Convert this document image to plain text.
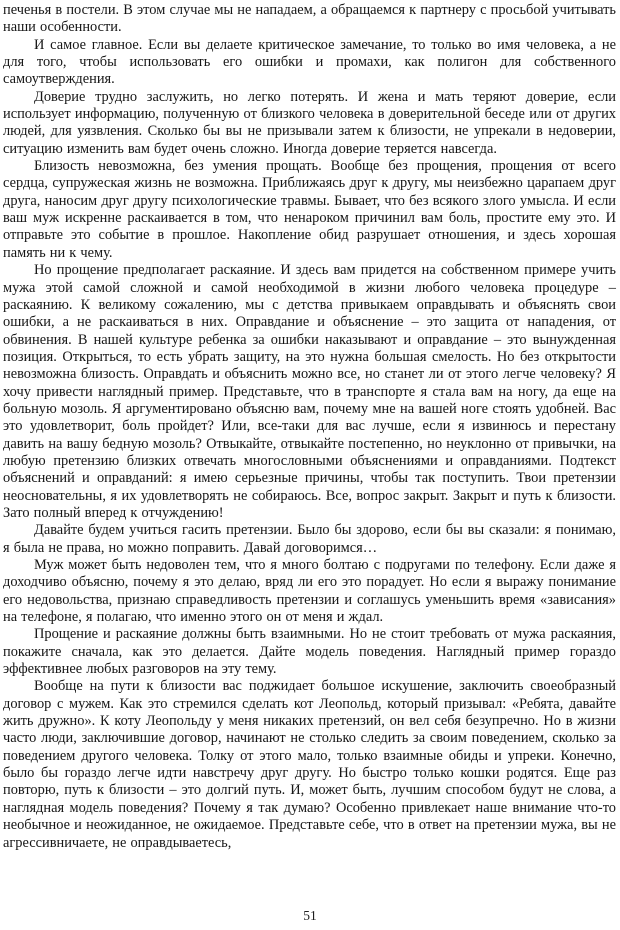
печенья в постели. В этом случае мы не нападаем, а обращаемся к партнеру с просьбой учитывать наши особенности.

И самое главное. Если вы делаете критическое замечание, то только во имя человека, а не для того, чтобы использовать его ошибки и промахи, как полигон для собственного самоутверждения.

Доверие трудно заслужить, но легко потерять. И жена и мать теряют доверие, если использует информацию, полученную от близкого человека в доверительной беседе или от других людей, для уязвления. Сколько бы вы не призывали затем к близости, не упрекали в недоверии, ситуацию изменить вам будет очень сложно. Иногда доверие теряется навсегда.

Близость невозможна, без умения прощать. Вообще без прощения, прощения от всего сердца, супружеская жизнь не возможна. Приближаясь друг к другу, мы неизбежно царапаем друг друга, наносим друг другу психологические травмы. Бывает, что без всякого злого умысла. И если ваш муж искренне раскаивается в том, что ненароком причинил вам боль, простите ему это. И отправьте это событие в прошлое. Накопление обид разрушает отношения, и здесь хорошая память ни к чему.

Но прощение предполагает раскаяние. И здесь вам придется на собственном примере учить мужа этой самой сложной и самой необходимой в жизни любого человека процедуре – раскаянию. К великому сожалению, мы с детства привыкаем оправдывать и объяснять свои ошибки, а не раскаиваться в них. Оправдание и объяснение – это защита от нападения, от обвинения. В нашей культуре ребенка за ошибки наказывают и оправдание – это вынужденная позиция. Открыться, то есть убрать защиту, на это нужна большая смелость. Но без открытости невозможна близость. Оправдать и объяснить можно все, но станет ли от этого легче человеку? Я хочу привести наглядный пример. Представьте, что в транспорте я стала вам на ногу, да еще на больную мозоль. Я аргументировано объясню вам, почему мне на вашей ноге стоять удобней. Вас это удовлетворит, боль пройдет? Или, все-таки для вас лучше, если я извинюсь и перестану давить на вашу бедную мозоль? Отвыкайте, отвыкайте постепенно, но неуклонно от привычки, на любую претензию близких отвечать многословными объяснениями и оправданиями. Подтекст объяснений и оправданий: я имею серьезные причины, чтобы так поступить. Твои претензии неосновательны, я их удовлетворять не собираюсь. Все, вопрос закрыт. Закрыт и путь к близости. Зато полный вперед к отчуждению!

Давайте будем учиться гасить претензии. Было бы здорово, если бы вы сказали: я понимаю, я была не права, но можно поправить. Давай договоримся…

Муж может быть недоволен тем, что я много болтаю с подругами по телефону. Если даже я доходчиво объясню, почему я это делаю, вряд ли его это порадует. Но если я выражу понимание его недовольства, признаю справедливость претензии и соглашусь уменьшить время «зависания» на телефоне, я полагаю, что именно этого он от меня и ждал.

Прощение и раскаяние должны быть взаимными. Но не стоит требовать от мужа раскаяния, покажите сначала, как это делается. Дайте модель поведения. Наглядный пример гораздо эффективнее любых разговоров на эту тему.

Вообще на пути к близости вас поджидает большое искушение, заключить своеобразный договор с мужем. Как это стремился сделать кот Леопольд, который призывал: «Ребята, давайте жить дружно». К коту Леопольду у меня никаких претензий, он вел себя безупречно. Но в жизни часто люди, заключившие договор, начинают не столько следить за своим поведением, сколько за поведением другого человека. Толку от этого мало, только взаимные обиды и упреки. Конечно, было бы гораздо легче идти навстречу друг другу. Но быстро только кошки родятся. Еще раз повторю, путь к близости – это долгий путь. И, может быть, лучшим способом будут не слова, а наглядная модель поведения? Почему я так думаю? Особенно привлекает наше внимание что-то необычное и неожиданное, не ожидаемое. Представьте себе, что в ответ на претензии мужа, вы не агрессивничаете, не оправдываетесь,

51
